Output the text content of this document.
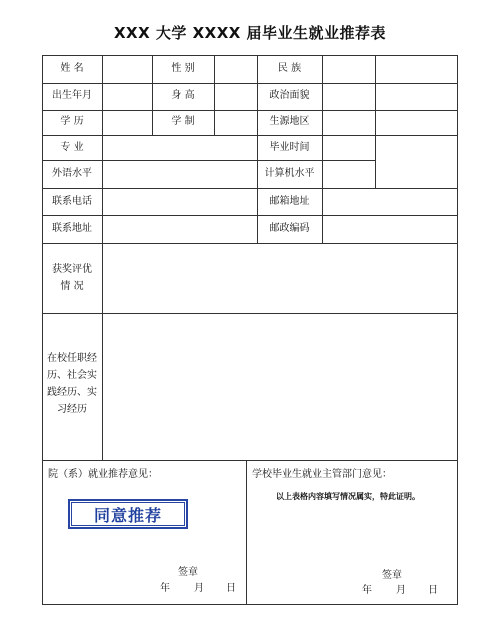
XXX 大学 XXXX 届毕业生就业推荐表
姓 名	性 别	民 族
出生年月	身 高	政治面貌
学 历	学 制	生源地区
专 业	毕业时间
外语水平	计算机水平
联系电话	邮箱地址
联系地址	邮政编码
获奖评优
情 况
在校任职经
历、社会实
践经历、实
习经历
院（系）就业推荐意见：
同意推荐
签章
年 月 日
学校毕业生就业主管部门意见：
以上表格内容填写情况属实，特此证明。
签章
年 月 日
